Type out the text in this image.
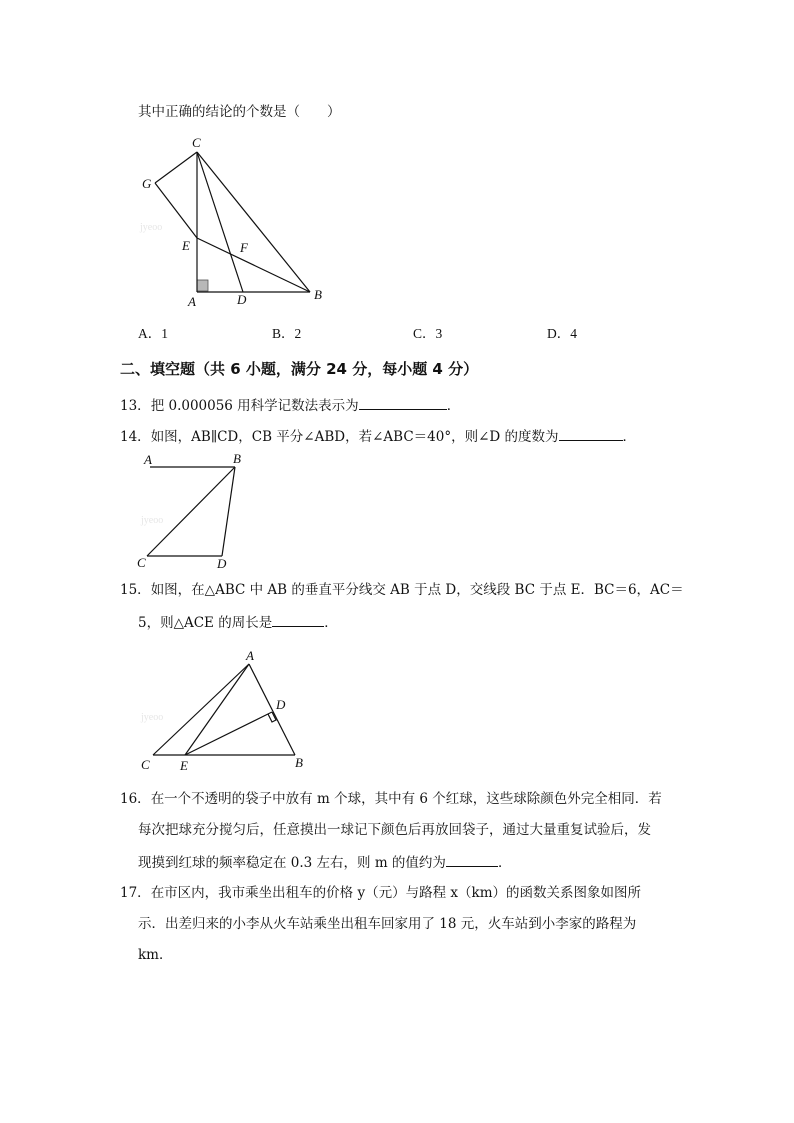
其中正确的结论的个数是（　　）
jyeoo
C
G
E	F
A	D	B
A．1	B．2	C．3	D．4
二、填空题（共 6 小题，满分 24 分，每小题 4 分）
13．把 0.000056 用科学记数法表示为	．
14．如图，AB∥CD，CB 平分∠ABD，若∠ABC＝40°，则∠D 的度数为	．
jyeoo
A	B
C	D
15．如图，在△ABC 中 AB 的垂直平分线交 AB 于点 D，交线段 BC 于点 E．BC＝6，AC＝
5，则△ACE 的周长是	．
jyeoo
A
D
C E	B
16．在一个不透明的袋子中放有 m 个球，其中有 6 个红球，这些球除颜色外完全相同．若
每次把球充分搅匀后，任意摸出一球记下颜色后再放回袋子，通过大量重复试验后，发
现摸到红球的频率稳定在 0.3 左右，则 m 的值约为	．
17．在市区内，我市乘坐出租车的价格 y（元）与路程 x（km）的函数关系图象如图所
示．出差归来的小李从火车站乘坐出租车回家用了 18 元，火车站到小李家的路程为
km．
